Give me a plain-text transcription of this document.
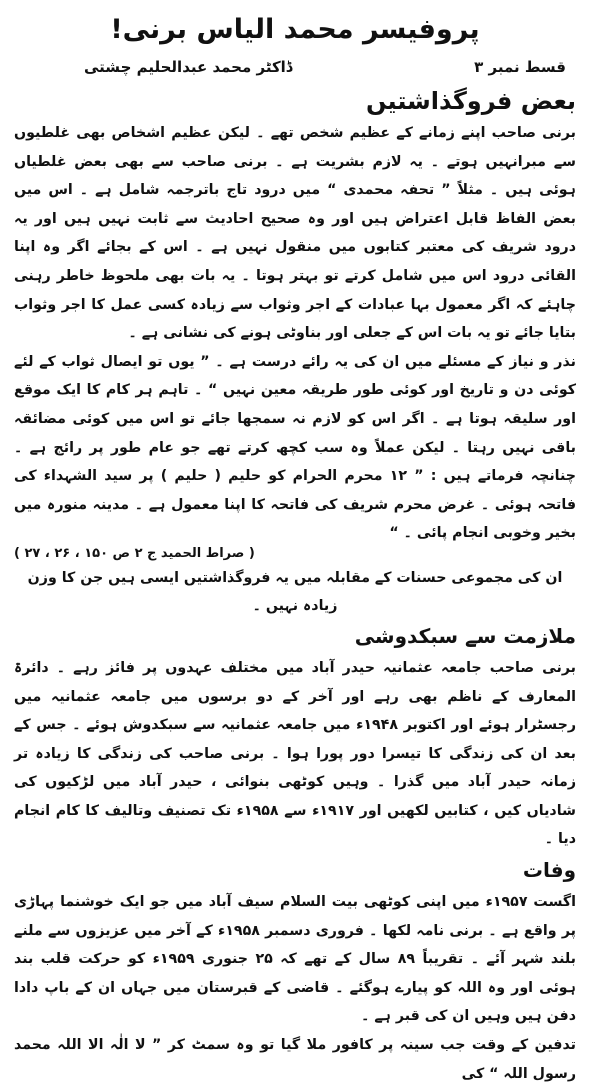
پروفیسر محمد الیاس برنی!
قسط نمبر ۳
ڈاکٹر محمد عبدالحلیم چشتی
بعض فروگذاشتیں

برنی صاحب اپنے زمانے کے عظیم شخص تھے ۔ لیکن عظیم اشخاص بھی غلطیوں سے مبرانہیں ہوتے ۔ یہ لازم بشریت ہے ۔ برنی صاحب سے بھی بعض غلطیاں ہوئی ہیں ۔ مثلاً ” تحفہ محمدی “ میں درود تاج باترجمہ شامل ہے ۔ اس میں بعض الفاظ قابل اعتراض ہیں اور وہ صحیح احادیث سے ثابت نہیں ہیں اور یہ درود شریف کی معتبر کتابوں میں منقول نہیں ہے ۔ اس کے بجائے اگر وہ اپنا القائی درود اس میں شامل کرتے تو بہتر ہوتا ۔ یہ بات بھی ملحوظ خاطر رہنی چاہئے کہ اگر معمول بہا عبادات کے اجر وثواب سے زیادہ کسی عمل کا اجر وثواب بتایا جائے تو یہ بات اس کے جعلی اور بناوٹی ہونے کی نشانی ہے ۔

نذر و نیاز کے مسئلے میں ان کی یہ رائے درست ہے ۔ ” یوں تو ایصال ثواب کے لئے کوئی دن و تاریخ اور کوئی طور طریقہ معین نہیں “ ۔ تاہم ہر کام کا ایک موقع اور سلیقہ ہوتا ہے ۔ اگر اس کو لازم نہ سمجھا جائے تو اس میں کوئی مضائقہ باقی نہیں رہتا ۔ لیکن عملاً وہ سب کچھ کرتے تھے جو عام طور پر رائج ہے ۔ چنانچہ فرماتے ہیں : ” ۱۲ محرم الحرام کو حلیم ( حلیم ) پر سید الشہداء کی فاتحہ ہوئی ۔ غرض محرم شریف کی فاتحہ کا اپنا معمول ہے ۔ مدینہ منورہ میں بخیر وخوبی انجام پائی ۔ “

( صراط الحمید ج ۲ ص ۱۵۰ ، ۲۶ ، ۲۷ )
ان کی مجموعی حسنات کے مقابلہ میں یہ فروگذاشتیں ایسی ہیں جن کا وزن زیادہ نہیں ۔
ملازمت سے سبکدوشی

برنی صاحب جامعہ عثمانیہ حیدر آباد میں مختلف عہدوں پر فائز رہے ۔ دائرۃ المعارف کے ناظم بھی رہے اور آخر کے دو برسوں میں جامعہ عثمانیہ میں رجسٹرار ہوئے اور اکتوبر ۱۹۴۸ء میں جامعہ عثمانیہ سے سبکدوش ہوئے ۔ جس کے بعد ان کی زندگی کا تیسرا دور پورا ہوا ۔ برنی صاحب کی زندگی کا زیادہ تر زمانہ حیدر آباد میں گذرا ۔ وہیں کوٹھی بنوائی ، حیدر آباد میں لڑکیوں کی شادیاں کیں ، کتابیں لکھیں اور ۱۹۱۷ء سے ۱۹۵۸ء تک تصنیف وتالیف کا کام انجام دیا ۔

وفات

اگست ۱۹۵۷ء میں اپنی کوٹھی بیت السلام سیف آباد میں جو ایک خوشنما پہاڑی پر واقع ہے ۔ برنی نامہ لکھا ۔ فروری دسمبر ۱۹۵۸ء کے آخر میں عزیزوں سے ملنے بلند شہر آئے ۔ تقریباً ۸۹ سال کے تھے کہ ۲۵ جنوری ۱۹۵۹ء کو حرکت قلب بند ہوئی اور وہ اللہ کو پیارے ہوگئے ۔ قاضی کے قبرستان میں جہاں ان کے باپ دادا دفن ہیں وہیں ان کی قبر ہے ۔

تدفین کے وقت جب سینہ پر کافور ملا گیا تو وہ سمٹ کر ” لا الٰہ الا اللہ محمد رسول اللہ “ کی
